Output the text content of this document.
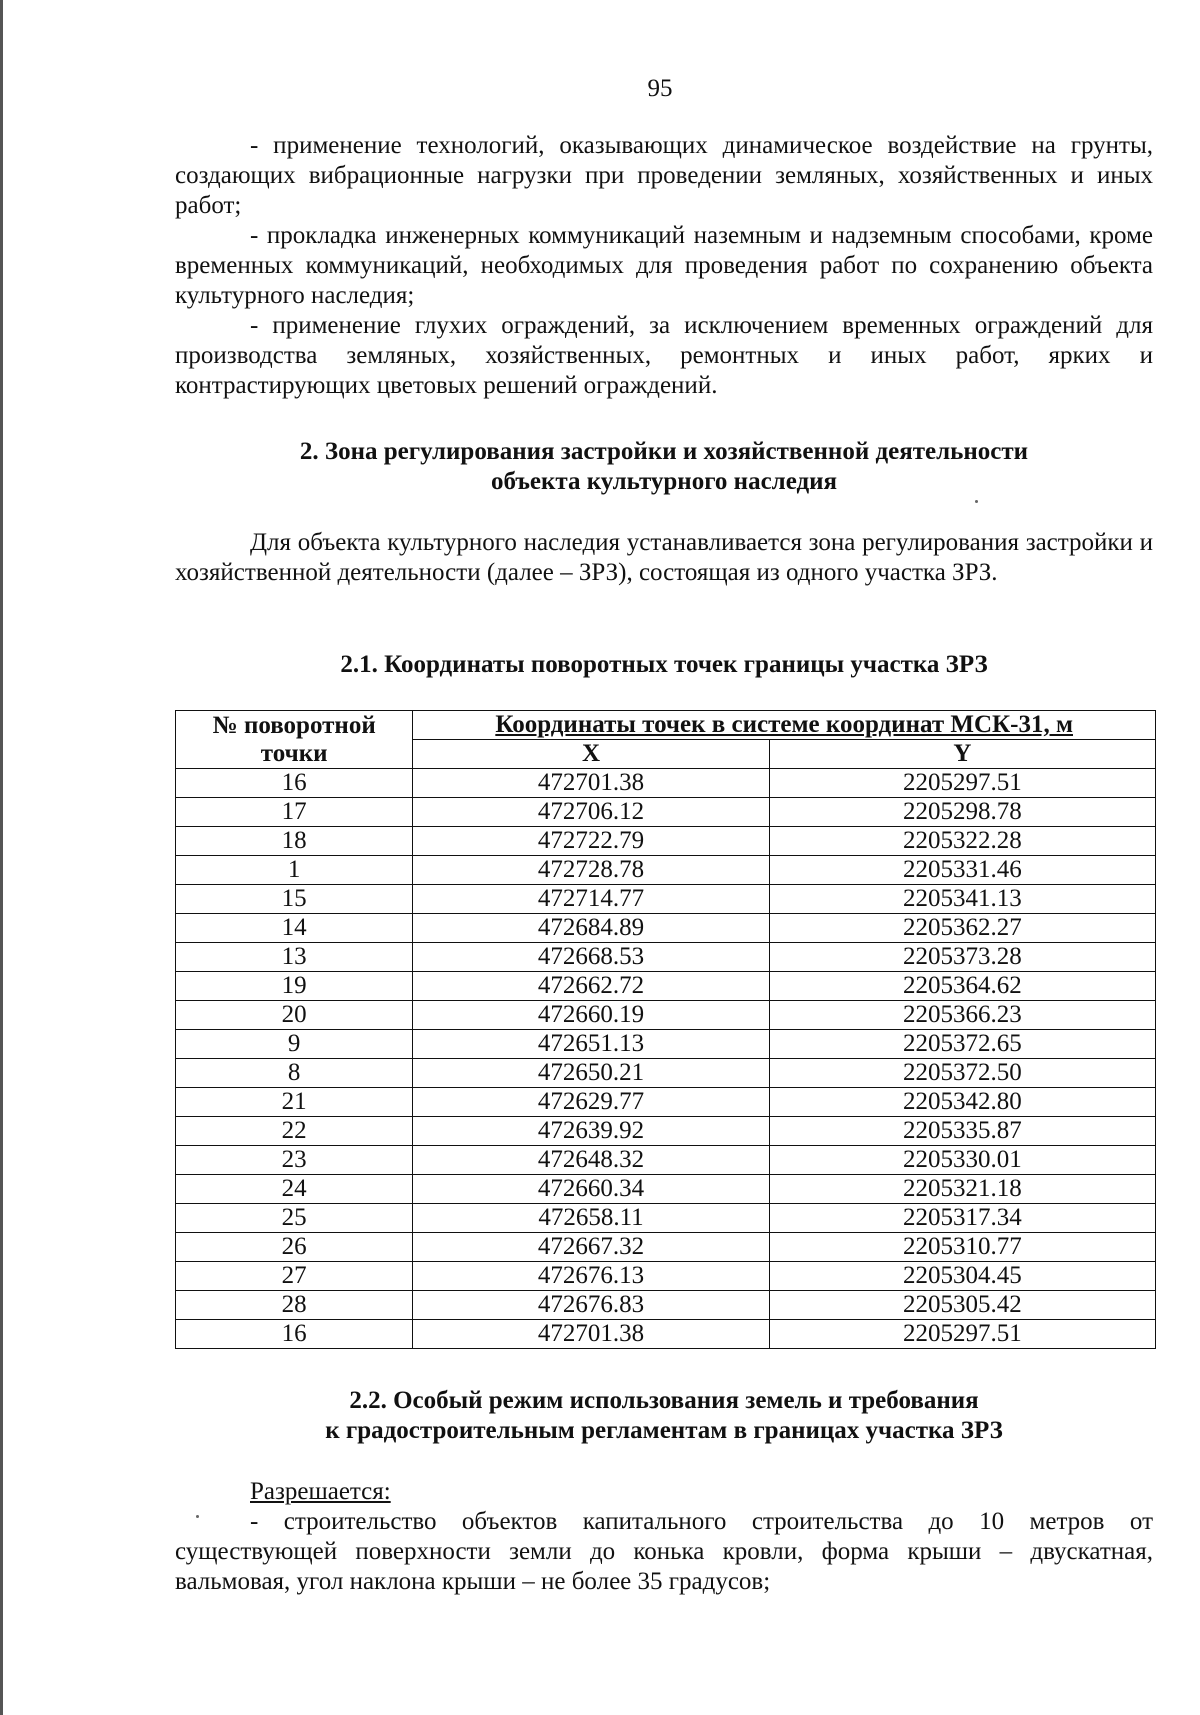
95

- применение технологий, оказывающих динамическое воздействие на грунты, создающих вибрационные нагрузки при проведении земляных, хозяйственных и иных работ;

- прокладка инженерных коммуникаций наземным и надземным способами, кроме временных коммуникаций, необходимых для проведения работ по сохранению объекта культурного наследия;

- применение глухих ограждений, за исключением временных ограждений для производства земляных, хозяйственных, ремонтных и иных работ, ярких и контрастирующих цветовых решений ограждений.

2. Зона регулирования застройки и хозяйственной деятельности
объекта культурного наследия

Для объекта культурного наследия устанавливается зона регулирования застройки и хозяйственной деятельности (далее – ЗРЗ), состоящая из одного участка ЗРЗ.

2.1. Координаты поворотных точек границы участка ЗРЗ
№ поворотной
точки	Координаты точек в системе координат МСК-31, м	
	X	Y
16	472701.38	2205297.51
17	472706.12	2205298.78
18	472722.79	2205322.28
1	472728.78	2205331.46
15	472714.77	2205341.13
14	472684.89	2205362.27
13	472668.53	2205373.28
19	472662.72	2205364.62
20	472660.19	2205366.23
9	472651.13	2205372.65
8	472650.21	2205372.50
21	472629.77	2205342.80
22	472639.92	2205335.87
23	472648.32	2205330.01
24	472660.34	2205321.18
25	472658.11	2205317.34
26	472667.32	2205310.77
27	472676.13	2205304.45
28	472676.83	2205305.42
16	472701.38	2205297.51
2.2. Особый режим использования земель и требования
к градостроительным регламентам в границах участка ЗРЗ

Разрешается:

- строительство объектов капитального строительства до 10 метров от существующей поверхности земли до конька кровли, форма крыши – двускатная, вальмовая, угол наклона крыши – не более 35 градусов;
